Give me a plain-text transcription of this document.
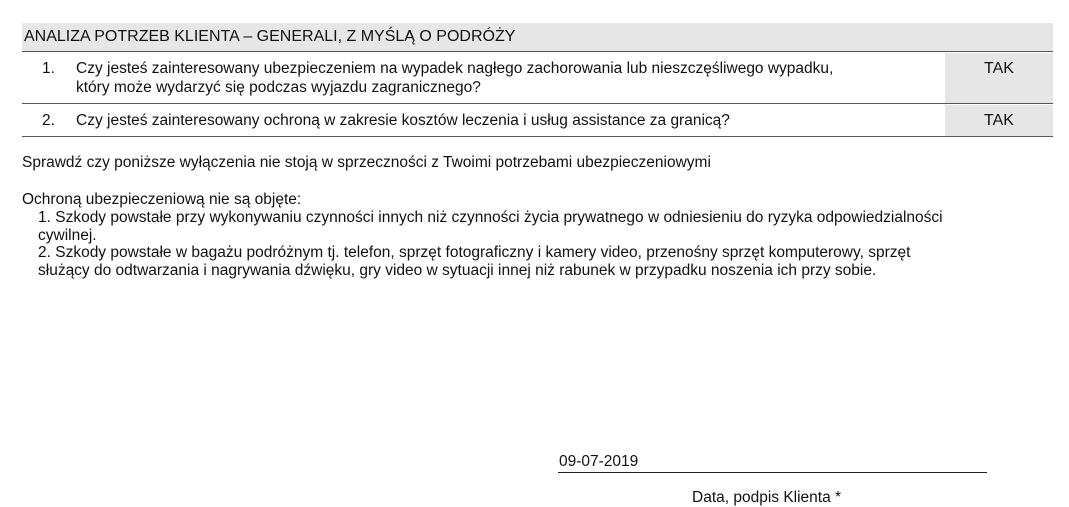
ANALIZA POTRZEB KLIENTA – GENERALI, Z MYŚLĄ O PODRÓŻY
1. Czy jesteś zainteresowany ubezpieczeniem na wypadek nagłego zachorowania lub nieszczęśliwego wypadku,
który może wydarzyć się podczas wyjazdu zagranicznego?
TAK
2. Czy jesteś zainteresowany ochroną w zakresie kosztów leczenia i usług assistance za granicą?	TAK
Sprawdź czy poniższe wyłączenia nie stoją w sprzeczności z Twoimi potrzebami ubezpieczeniowymi
Ochroną ubezpieczeniową nie są objęte:
1. Szkody powstałe przy wykonywaniu czynności innych niż czynności życia prywatnego w odniesieniu do ryzyka odpowiedzialności
cywilnej.
2. Szkody powstałe w bagażu podróżnym tj. telefon, sprzęt fotograficzny i kamery video, przenośny sprzęt komputerowy, sprzęt
służący do odtwarzania i nagrywania dźwięku, gry video w sytuacji innej niż rabunek w przypadku noszenia ich przy sobie.
09-07-2019
Data, podpis Klienta *
